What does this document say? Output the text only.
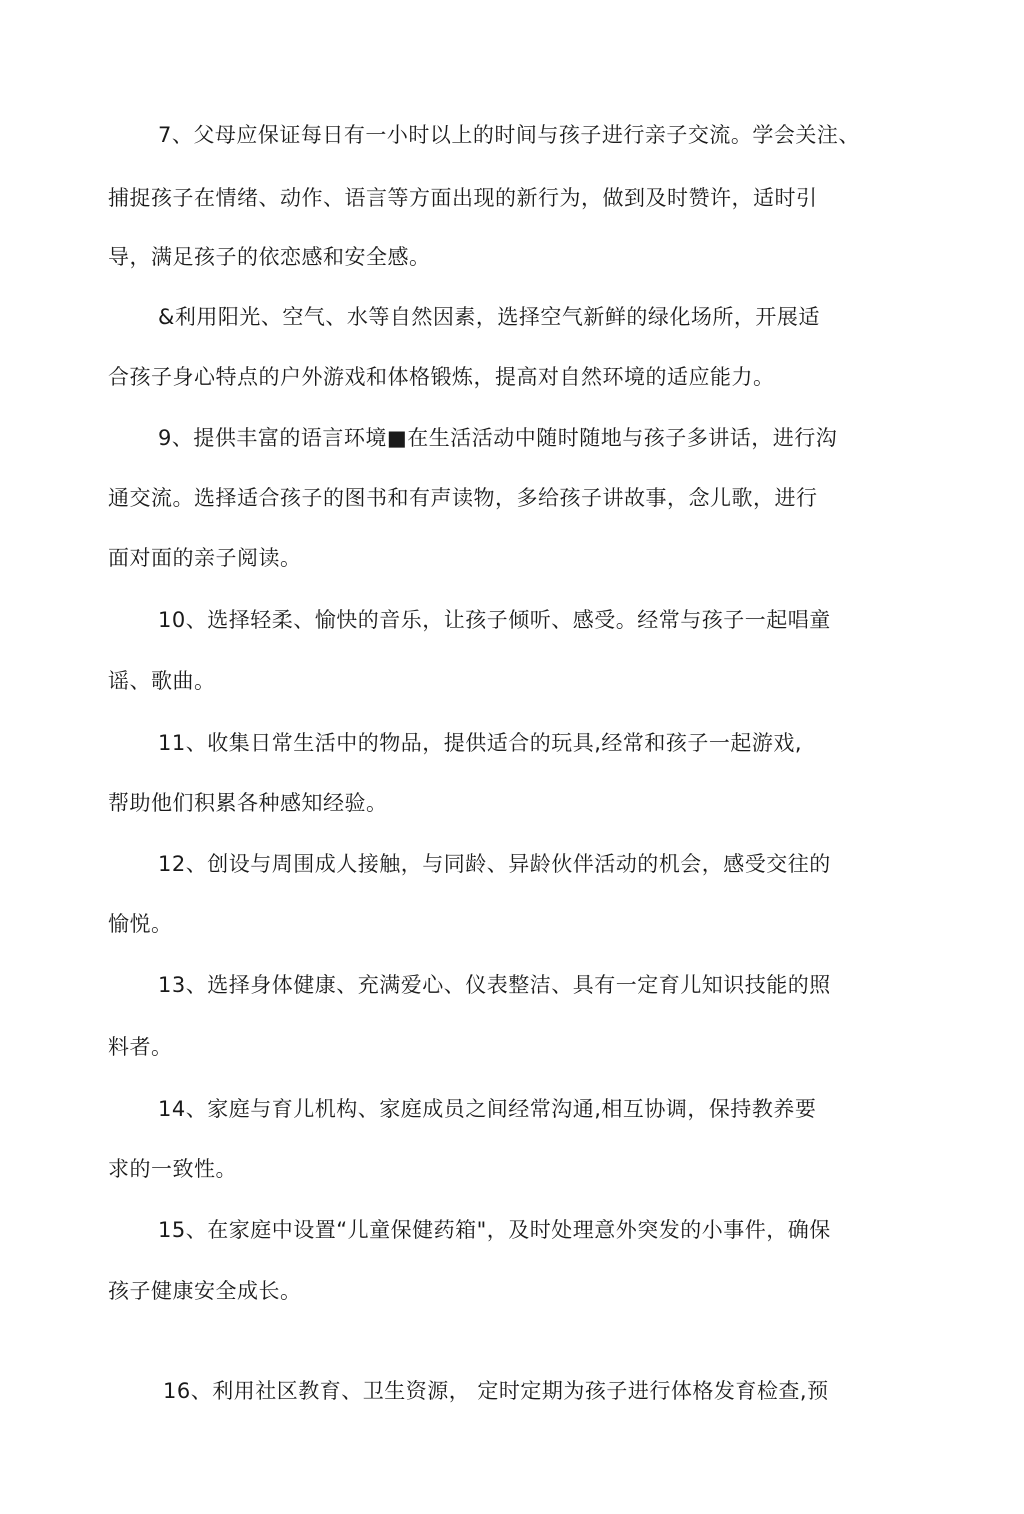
7、父母应保证每日有一小时以上的时间与孩子进行亲子交流。学会关注、
捕捉孩子在情绪、动作、语言等方面出现的新行为，做到及时赞许，适时引
导，满足孩子的依恋感和安全感。
&利用阳光、空气、水等自然因素，选择空气新鲜的绿化场所，开展适
合孩子身心特点的户外游戏和体格锻炼，提高对自然环境的适应能力。
9、提供丰富的语言环境■在生活活动中随时随地与孩子多讲话，进行沟
通交流。选择适合孩子的图书和有声读物，多给孩子讲故事，念儿歌，进行
面对面的亲子阅读。
10、选择轻柔、愉快的音乐，让孩子倾听、感受。经常与孩子一起唱童
谣、歌曲。
11、收集日常生活中的物品，提供适合的玩具,经常和孩子一起游戏,
帮助他们积累各种感知经验。
12、创设与周围成人接触，与同龄、异龄伙伴活动的机会，感受交往的
愉悦。
13、选择身体健康、充满爱心、仪表整洁、具有一定育儿知识技能的照
料者。
14、家庭与育儿机构、家庭成员之间经常沟通,相互协调，保持教养要
求的一致性。
15、在家庭中设置“儿童保健药箱"，及时处理意外突发的小事件，确保
孩子健康安全成长。
16、利用社区教育、卫生资源， 定时定期为孩子进行体格发育检查,预
